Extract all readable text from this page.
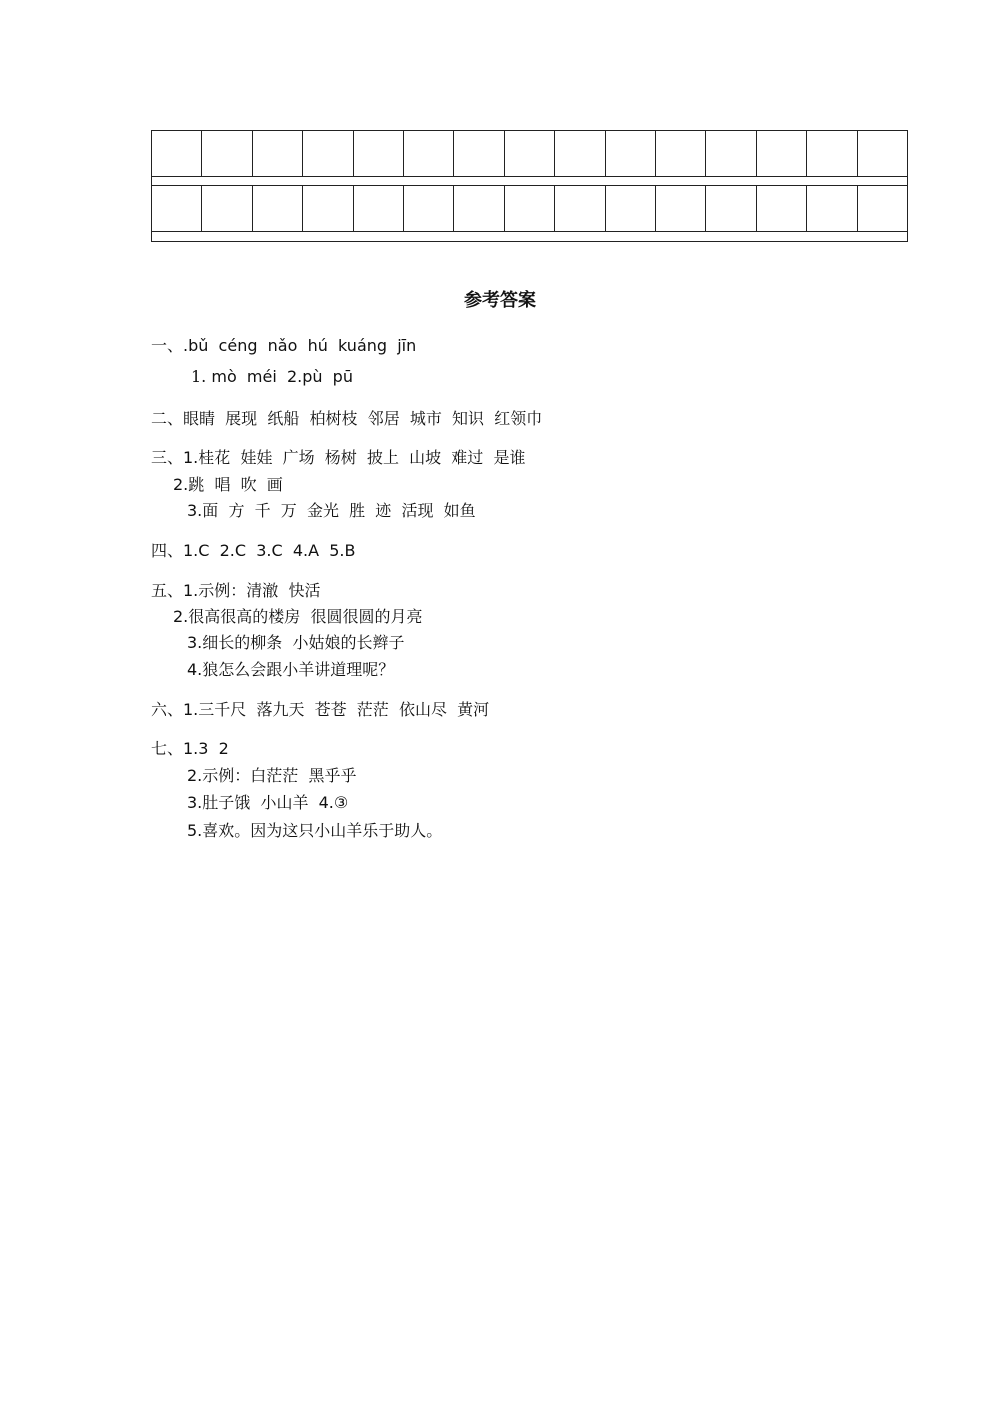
参考答案
一、.bǔ  céng  nǎo  hú  kuáng  jīn
1. mò  méi  2.pù  pū
二、眼睛  展现  纸船  柏树枝  邻居  城市  知识  红领巾
三、1.桂花  娃娃  广场  杨树  披上  山坡  难过  是谁
2.跳  唱  吹  画
3.面  方  千  万  金光  胜  迹  活现  如鱼
四、1.C  2.C  3.C  4.A  5.B
五、1.示例：清澈  快活
2.很高很高的楼房  很圆很圆的月亮
3.细长的柳条  小姑娘的长辫子
4.狼怎么会跟小羊讲道理呢？
六、1.三千尺  落九天  苍苍  茫茫  依山尽  黄河
七、1.3  2
2.示例：白茫茫  黑乎乎
3.肚子饿  小山羊  4.③
5.喜欢。因为这只小山羊乐于助人。
